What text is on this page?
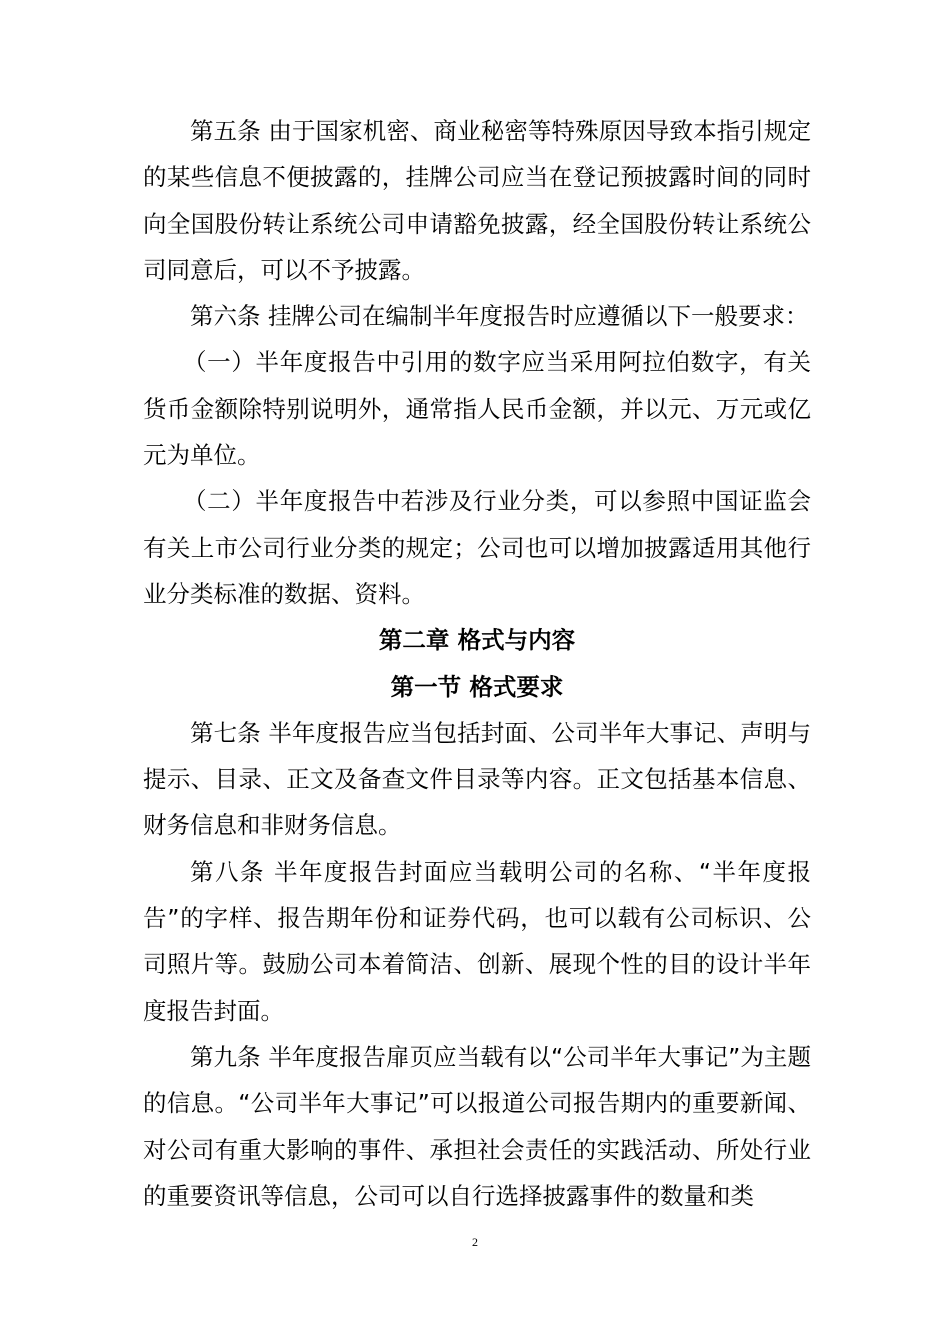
第五条 由于国家机密、商业秘密等特殊原因导致本指引规定的某些信息不便披露的，挂牌公司应当在登记预披露时间的同时向全国股份转让系统公司申请豁免披露，经全国股份转让系统公司同意后，可以不予披露。

第六条 挂牌公司在编制半年度报告时应遵循以下一般要求：

（一）半年度报告中引用的数字应当采用阿拉伯数字，有关货币金额除特别说明外，通常指人民币金额，并以元、万元或亿元为单位。

（二）半年度报告中若涉及行业分类，可以参照中国证监会有关上市公司行业分类的规定；公司也可以增加披露适用其他行业分类标准的数据、资料。

第二章 格式与内容

第一节 格式要求

第七条 半年度报告应当包括封面、公司半年大事记、声明与提示、目录、正文及备查文件目录等内容。正文包括基本信息、财务信息和非财务信息。

第八条 半年度报告封面应当载明公司的名称、“半年度报告”的字样、报告期年份和证券代码，也可以载有公司标识、公司照片等。鼓励公司本着简洁、创新、展现个性的目的设计半年度报告封面。

第九条 半年度报告扉页应当载有以“公司半年大事记”为主题的信息。“公司半年大事记”可以报道公司报告期内的重要新闻、对公司有重大影响的事件、承担社会责任的实践活动、所处行业的重要资讯等信息，公司可以自行选择披露事件的数量和类

2
